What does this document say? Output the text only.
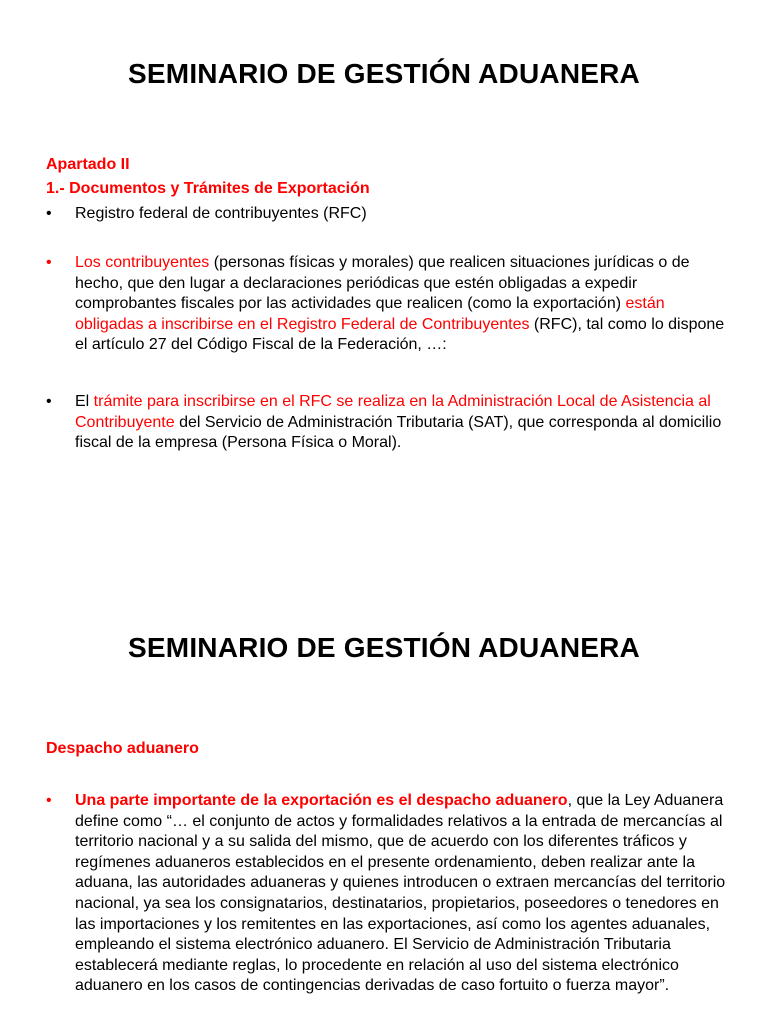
SEMINARIO DE GESTIÓN ADUANERA
Apartado II
1.- Documentos y Trámites de Exportación
•	Registro federal de contribuyentes (RFC)
•	Los contribuyentes (personas físicas y morales) que realicen situaciones jurídicas o de hecho, que den lugar a declaraciones periódicas que estén obligadas a expedir comprobantes fiscales por las actividades que realicen (como la exportación) están obligadas a inscribirse en el Registro Federal de Contribuyentes (RFC), tal como lo dispone el artículo 27 del Código Fiscal de la Federación, …:
•	El trámite para inscribirse en el RFC se realiza en la Administración Local de Asistencia al Contribuyente del Servicio de Administración Tributaria (SAT), que corresponda al domicilio fiscal de la empresa (Persona Física o Moral).
SEMINARIO DE GESTIÓN ADUANERA
Despacho aduanero
•	Una parte importante de la exportación es el despacho aduanero, que la Ley Aduanera define como “… el conjunto de actos y formalidades relativos a la entrada de mercancías al territorio nacional y a su salida del mismo, que de acuerdo con los diferentes tráficos y regímenes aduaneros establecidos en el presente ordenamiento, deben realizar ante la aduana, las autoridades aduaneras y quienes introducen o extraen mercancías del territorio nacional, ya sea los consignatarios, destinatarios, propietarios, poseedores o tenedores en las importaciones y los remitentes en las exportaciones, así como los agentes aduanales, empleando el sistema electrónico aduanero. El Servicio de Administración Tributaria establecerá mediante reglas, lo procedente en relación al uso del sistema electrónico aduanero en los casos de contingencias derivadas de caso fortuito o fuerza mayor”.
